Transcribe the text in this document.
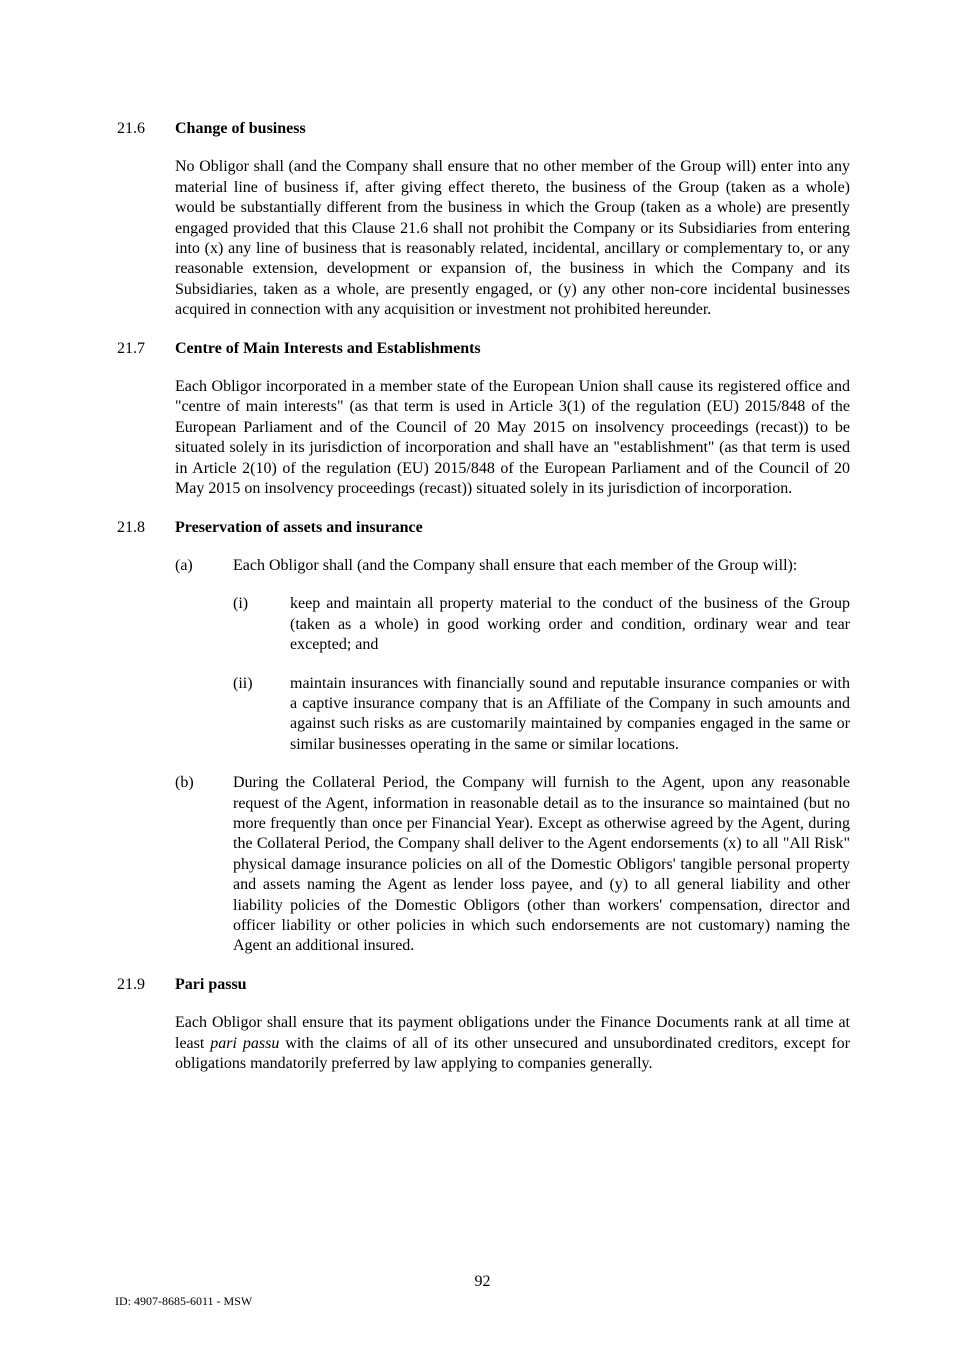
21.6	Change of business

No Obligor shall (and the Company shall ensure that no other member of the Group will) enter into any material line of business if, after giving effect thereto, the business of the Group (taken as a whole) would be substantially different from the business in which the Group (taken as a whole) are presently engaged provided that this Clause 21.6 shall not prohibit the Company or its Subsidiaries from entering into (x) any line of business that is reasonably related, incidental, ancillary or complementary to, or any reasonable extension, development or expansion of, the business in which the Company and its Subsidiaries, taken as a whole, are presently engaged, or (y) any other non-core incidental businesses acquired in connection with any acquisition or investment not prohibited hereunder.

21.7	Centre of Main Interests and Establishments

Each Obligor incorporated in a member state of the European Union shall cause its registered office and "centre of main interests" (as that term is used in Article 3(1) of the regulation (EU) 2015/848 of the European Parliament and of the Council of 20 May 2015 on insolvency proceedings (recast)) to be situated solely in its jurisdiction of incorporation and shall have an "establishment" (as that term is used in Article 2(10) of the regulation (EU) 2015/848 of the European Parliament and of the Council of 20 May 2015 on insolvency proceedings (recast)) situated solely in its jurisdiction of incorporation.

21.8	Preservation of assets and insurance
(a)	Each Obligor shall (and the Company shall ensure that each member of the Group will):

(i)	keep and maintain all property material to the conduct of the business of the Group (taken as a whole) in good working order and condition, ordinary wear and tear excepted; and

(ii)	maintain insurances with financially sound and reputable insurance companies or with a captive insurance company that is an Affiliate of the Company in such amounts and against such risks as are customarily maintained by companies engaged in the same or similar businesses operating in the same or similar locations.

(b)	During the Collateral Period, the Company will furnish to the Agent, upon any reasonable request of the Agent, information in reasonable detail as to the insurance so maintained (but no more frequently than once per Financial Year). Except as otherwise agreed by the Agent, during the Collateral Period, the Company shall deliver to the Agent endorsements (x) to all "All Risk" physical damage insurance policies on all of the Domestic Obligors' tangible personal property and assets naming the Agent as lender loss payee, and (y) to all general liability and other liability policies of the Domestic Obligors (other than workers' compensation, director and officer liability or other policies in which such endorsements are not customary) naming the Agent an additional insured.

21.9	Pari passu

Each Obligor shall ensure that its payment obligations under the Finance Documents rank at all time at least pari passu with the claims of all of its other unsecured and unsubordinated creditors, except for obligations mandatorily preferred by law applying to companies generally.

92
ID: 4907-8685-6011 - MSW
